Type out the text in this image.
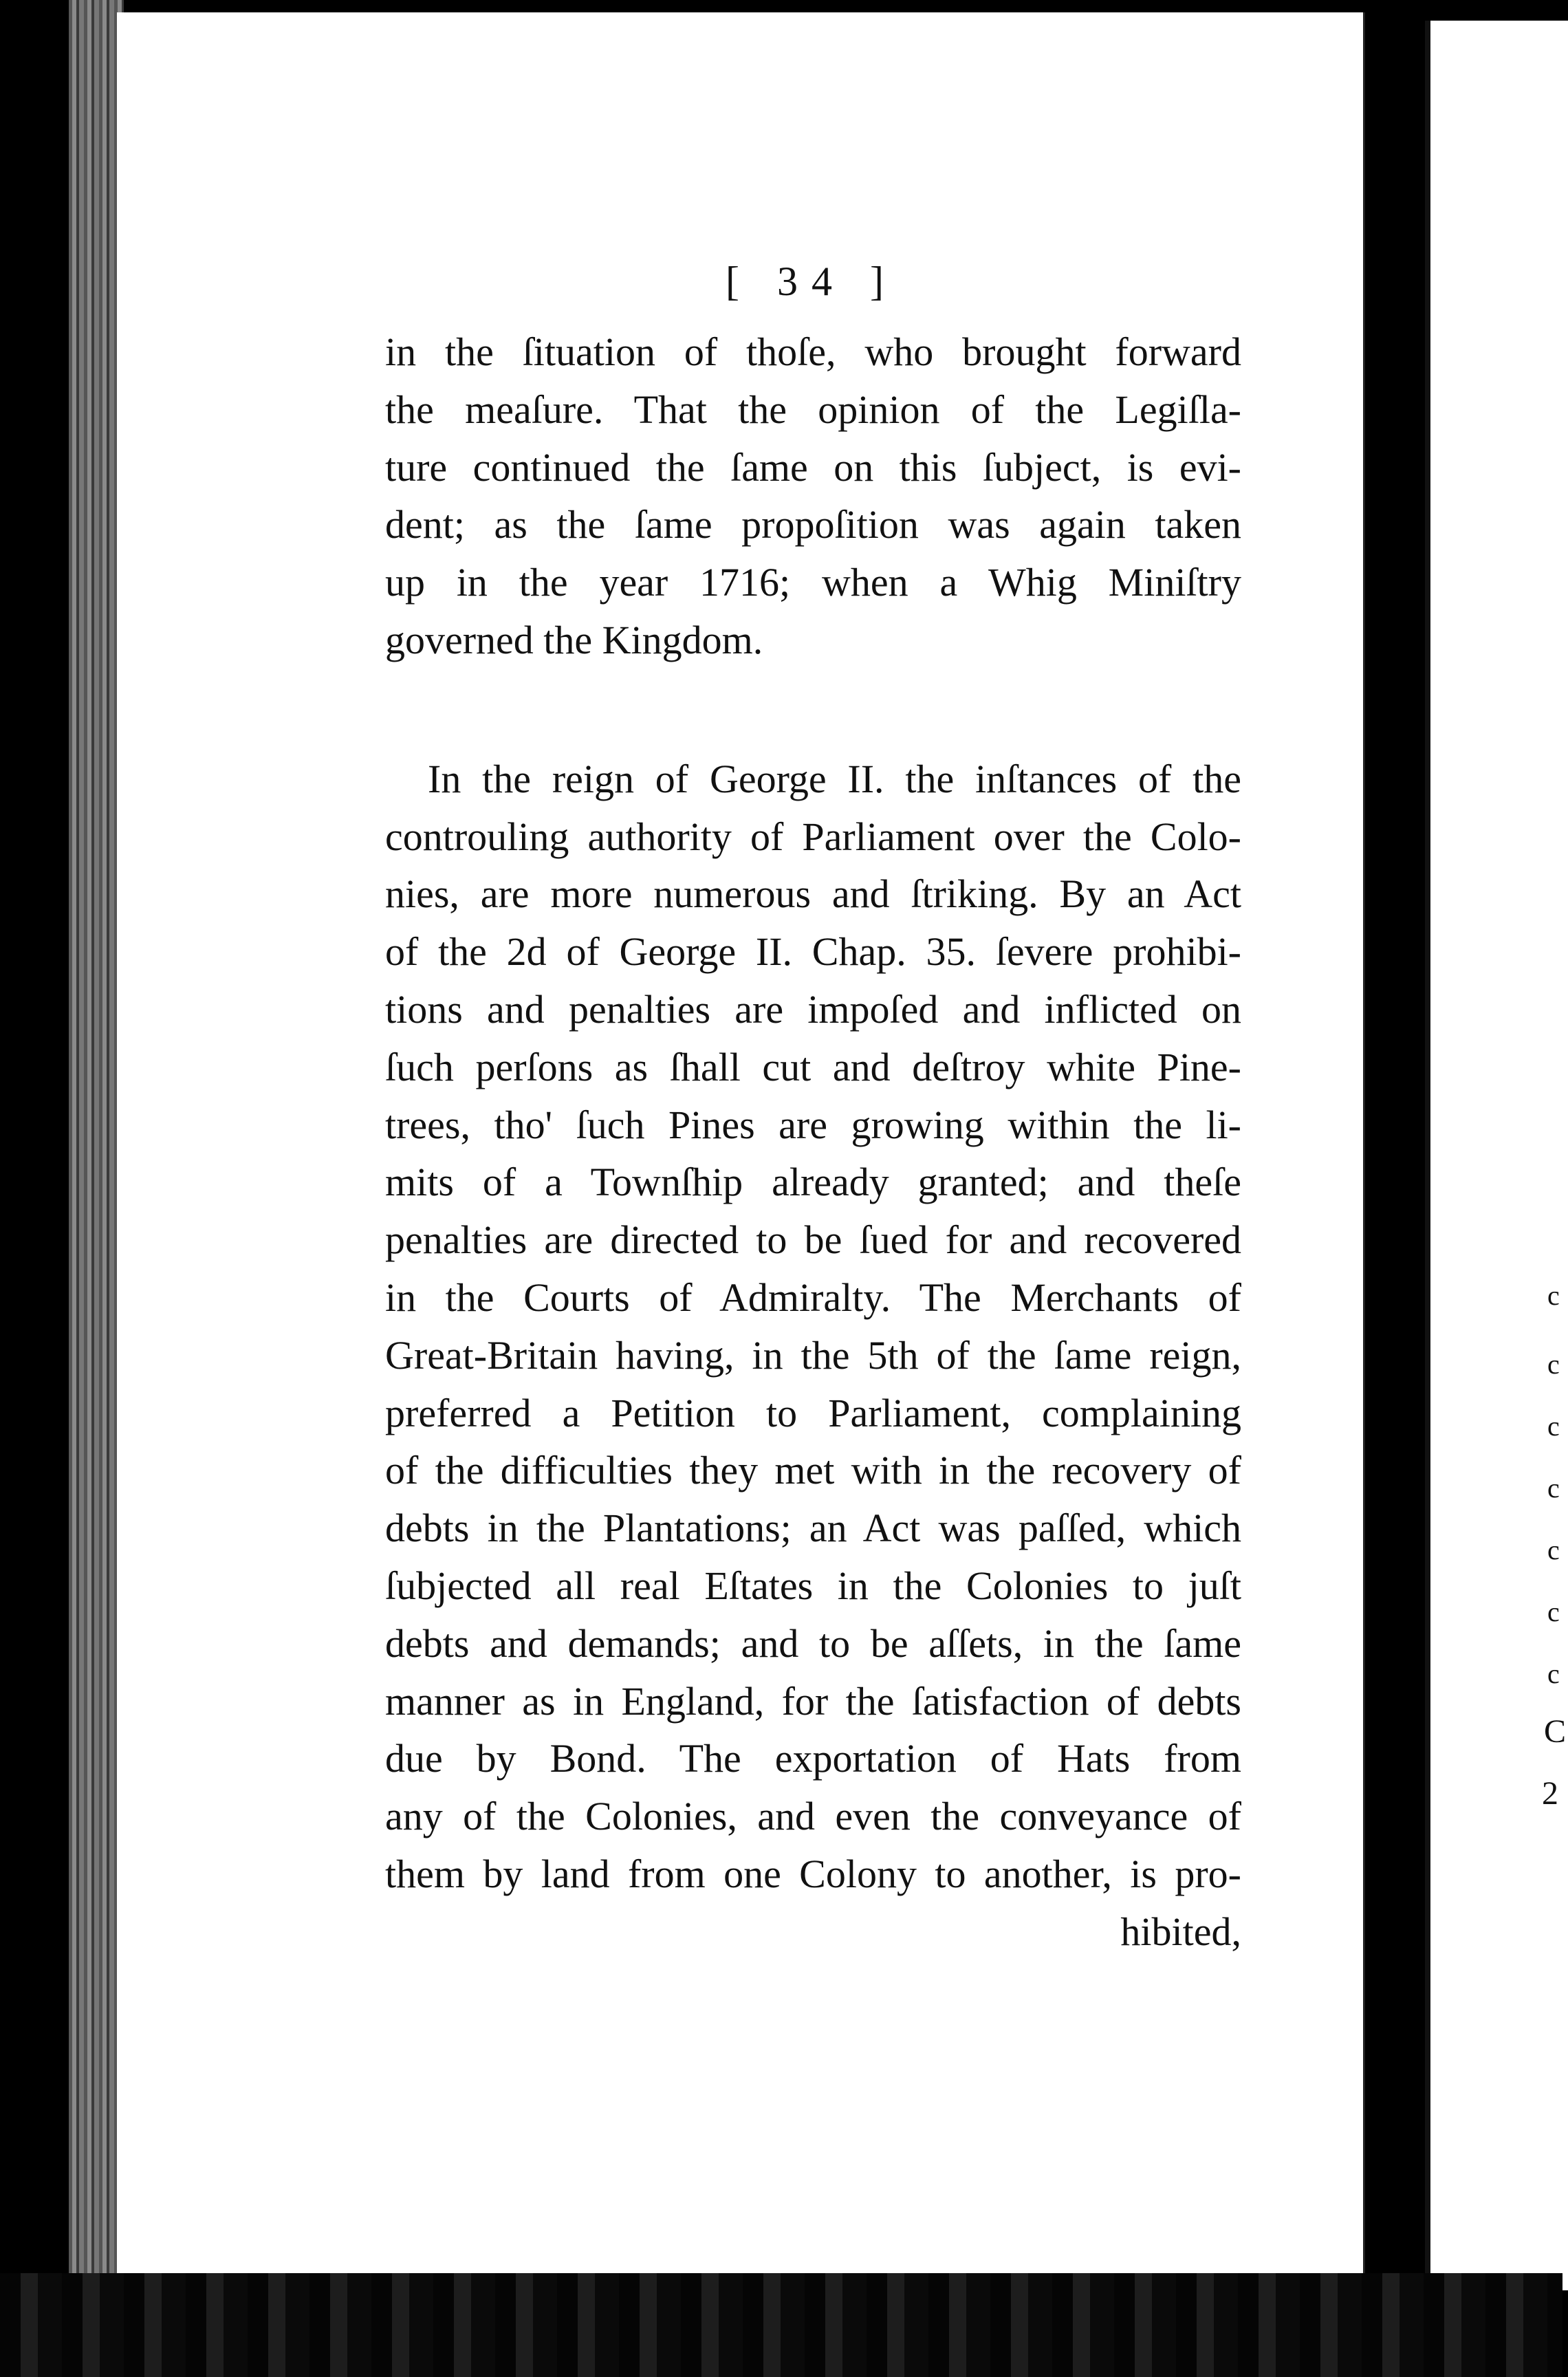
[ 34 ]
in the ſituation of thoſe, who brought forward
the meaſure. That the opinion of the Legiſla-
ture continued the ſame on this ſubject, is evi-
dent; as the ſame propoſition was again taken
up in the year 1716; when a Whig Miniſtry
governed the Kingdom.
In the reign of George II. the inſtances of the
controuling authority of Parliament over the Colo-
nies, are more numerous and ſtriking. By an Act
of the 2d of George II. Chap. 35. ſevere prohibi-
tions and penalties are impoſed and inflicted on
ſuch perſons as ſhall cut and deſtroy white Pine-
trees, tho' ſuch Pines are growing within the li-
mits of a Townſhip already granted; and theſe
penalties are directed to be ſued for and recovered
in the Courts of Admiralty. The Merchants of
Great-Britain having, in the 5th of the ſame reign,
preferred a Petition to Parliament, complaining
of the difficulties they met with in the recovery of
debts in the Plantations; an Act was paſſed, which
ſubjected all real Eſtates in the Colonies to juſt
debts and demands; and to be aſſets, in the ſame
manner as in England, for the ſatisfaction of debts
due by Bond. The exportation of Hats from
any of the Colonies, and even the conveyance of
them by land from one Colony to another, is pro-
hibited,
c
c
c
c
c
c
c
C
2
